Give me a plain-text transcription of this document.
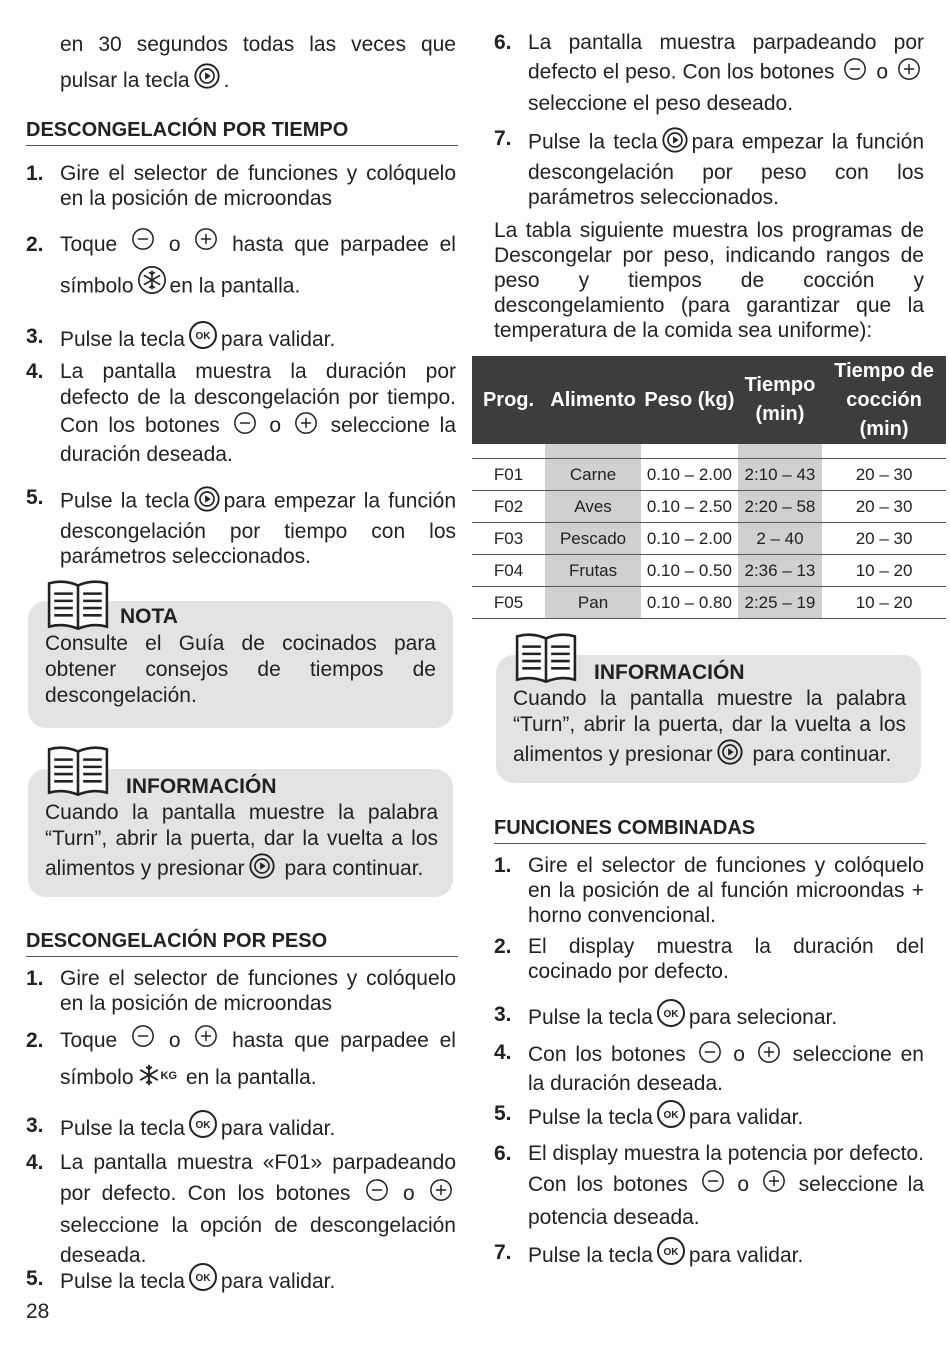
en 30 segundos todas las veces que pulsar la tecla .
DESCONGELACIÓN POR TIEMPO
1. Gire el selector de funciones y colóquelo en la posición de microondas
2. Toque o hasta que parpadee el símbolo en la pantalla.
3. Pulse la tecla OK para validar.
4. La pantalla muestra la duración por defecto de la descongelación por tiempo. Con los botones o seleccione la duración deseada.
5. Pulse la tecla para empezar la función descongelación por tiempo con los parámetros seleccionados.
NOTA
Consulte el Guía de cocinados para obtener consejos de tiempos de descongelación.
INFORMACIÓN
Cuando la pantalla muestre la palabra “Turn”, abrir la puerta, dar la vuelta a los alimentos y presionar para continuar.
DESCONGELACIÓN POR PESO
1. Gire el selector de funciones y colóquelo en la posición de microondas
2. Toque o hasta que parpadee el símbolo $^{KG}$ en la pantalla.
3. Pulse la tecla OK para validar.
4. La pantalla muestra «F01» parpadeando por defecto. Con los botones	o  seleccione la opción de descongelación deseada.
5. Pulse la tecla OK para validar.
28
6. La pantalla muestra parpadeando por defecto el peso. Con los botones o  seleccione el peso deseado.
7. Pulse la tecla para empezar la función descongelación por peso con los parámetros seleccionados.
La tabla siguiente muestra los programas de Descongelar por peso, indicando rangos de peso y tiempos de cocción y descongelamiento (para garantizar que la temperatura de la comida sea uniforme):
Prog.	Alimento	Peso (kg)	Tiempo (min)	Tiempo de cocción (min)

F01	Carne	0.10 – 2.00	2:10 – 43	20 – 30
F02	Aves	0.10 – 2.50	2:20 – 58	20 – 30
F03	Pescado	0.10 – 2.00	2 – 40	20 – 30
F04	Frutas	0.10 – 0.50	2:36 – 13	10 – 20
F05	Pan	0.10 – 0.80	2:25 – 19	10 – 20
INFORMACIÓN
Cuando la pantalla muestre la palabra “Turn”, abrir la puerta, dar la vuelta a los alimentos y presionar para continuar.
FUNCIONES COMBINADAS
1. Gire el selector de funciones y colóquelo en la posición de al función microondas + horno convencional.
2. El display muestra la duración del cocinado por defecto.
3. Pulse la tecla OK para selecionar.
4. Con los botones o seleccione en la duración deseada.
5. Pulse la tecla OK para validar.
6. El display muestra la potencia por defecto. Con los botones o seleccione la potencia deseada.
7. Pulse la tecla OK para validar.
